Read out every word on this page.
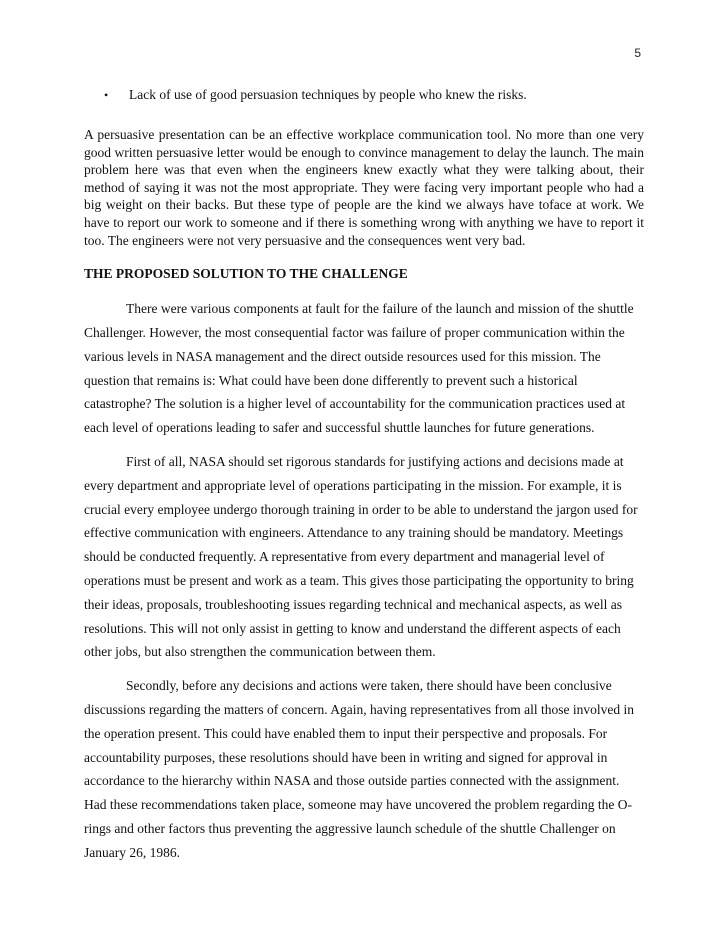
5
• Lack of use of good persuasion techniques by people who knew the risks.

A persuasive presentation can be an effective workplace communication tool. No more than one very good written persuasive letter would be enough to convince management to delay the launch. The main problem here was that even when the engineers knew exactly what they were talking about, their method of saying it was not the most appropriate. They were facing very important people who had a big weight on their backs. But these type of people are the kind we always have toface at work. We have to report our work to someone and if there is something wrong with anything we have to report it too. The engineers were not very persuasive and the consequences went very bad.

THE PROPOSED SOLUTION TO THE CHALLENGE

There were various components at fault for the failure of the launch and mission of the shuttle Challenger. However, the most consequential factor was failure of proper communication within the various levels in NASA management and the direct outside resources used for this mission. The question that remains is: What could have been done differently to prevent such a historical catastrophe? The solution is a higher level of accountability for the communication practices used at each level of operations leading to safer and successful shuttle launches for future generations.

First of all, NASA should set rigorous standards for justifying actions and decisions made at every department and appropriate level of operations participating in the mission. For example, it is crucial every employee undergo thorough training in order to be able to understand the jargon used for effective communication with engineers. Attendance to any training should be mandatory. Meetings should be conducted frequently. A representative from every department and managerial level of operations must be present and work as a team. This gives those participating the opportunity to bring their ideas, proposals, troubleshooting issues regarding technical and mechanical aspects, as well as resolutions. This will not only assist in getting to know and understand the different aspects of each other jobs, but also strengthen the communication between them.

Secondly, before any decisions and actions were taken, there should have been conclusive discussions regarding the matters of concern. Again, having representatives from all those involved in the operation present. This could have enabled them to input their perspective and proposals. For accountability purposes, these resolutions should have been in writing and signed for approval in accordance to the hierarchy within NASA and those outside parties connected with the assignment. Had these recommendations taken place, someone may have uncovered the problem regarding the O-rings and other factors thus preventing the aggressive launch schedule of the shuttle Challenger on January 26, 1986.
